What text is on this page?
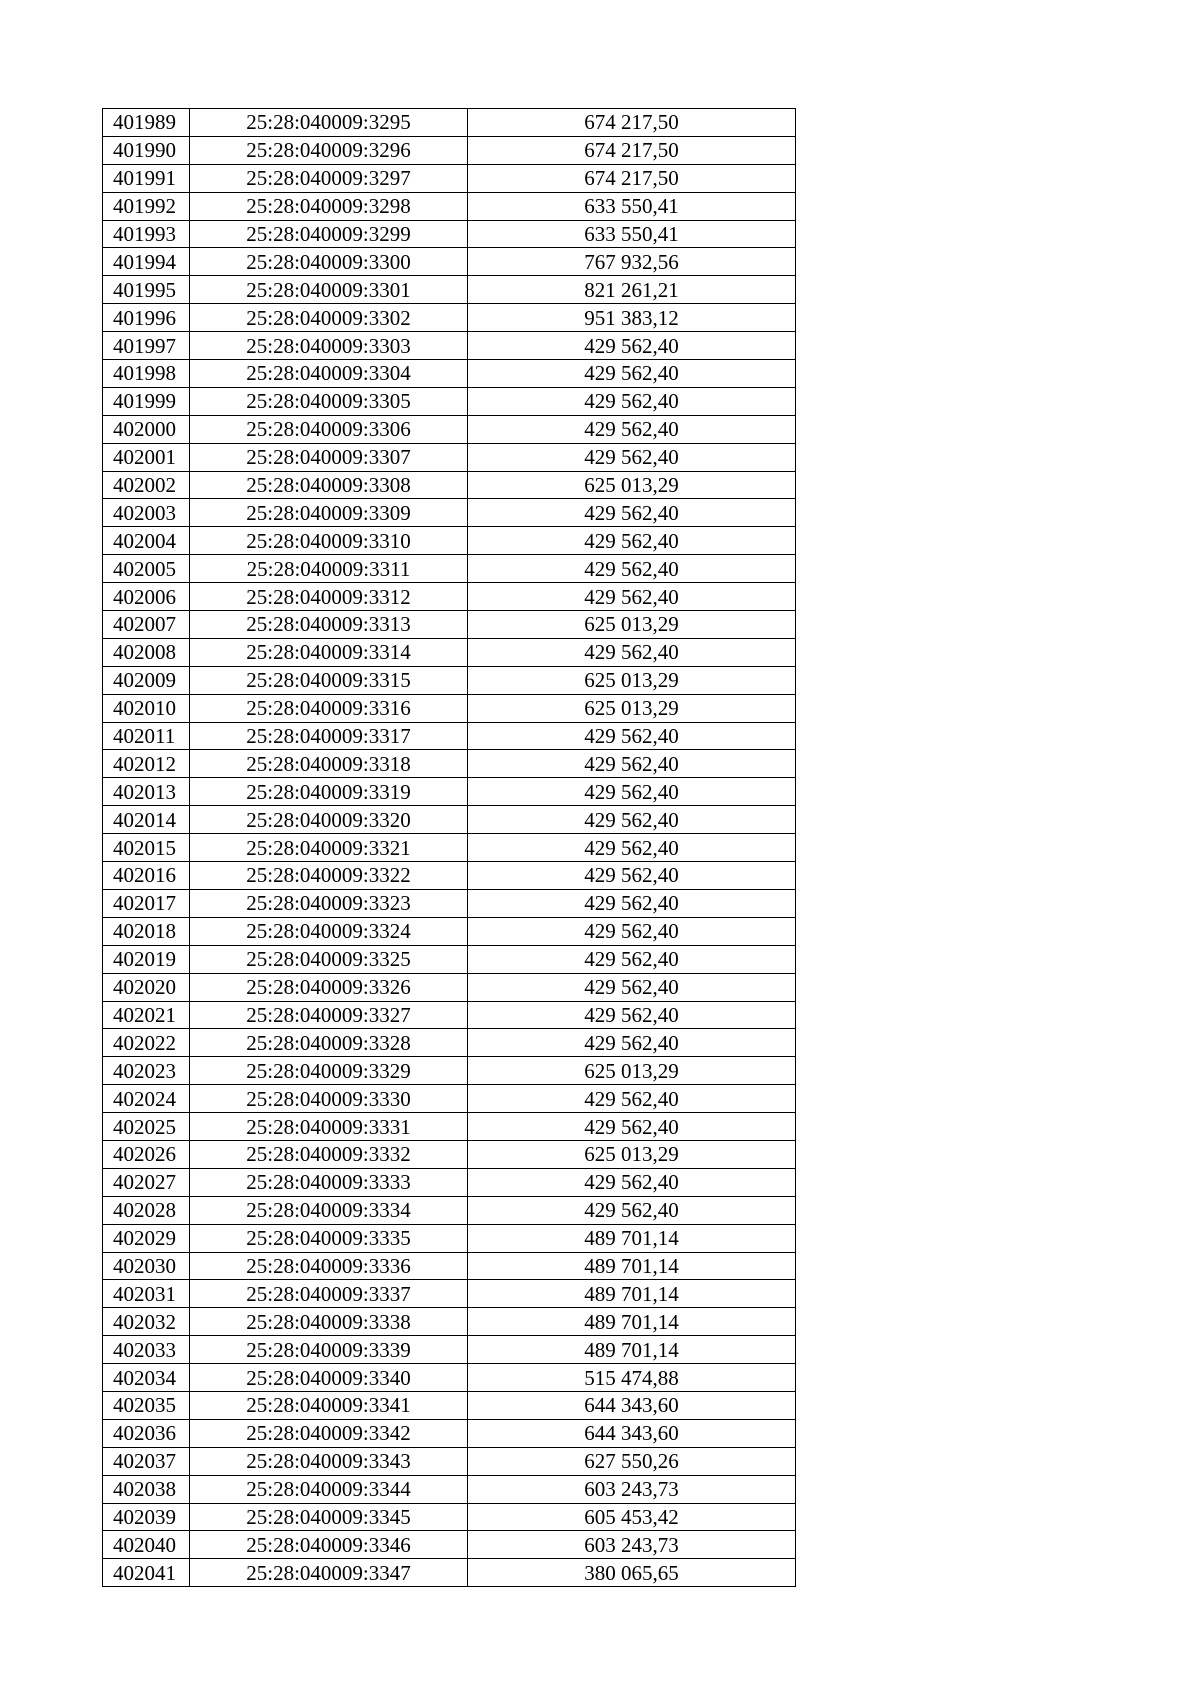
401989	25:28:040009:3295	674 217,50
401990	25:28:040009:3296	674 217,50
401991	25:28:040009:3297	674 217,50
401992	25:28:040009:3298	633 550,41
401993	25:28:040009:3299	633 550,41
401994	25:28:040009:3300	767 932,56
401995	25:28:040009:3301	821 261,21
401996	25:28:040009:3302	951 383,12
401997	25:28:040009:3303	429 562,40
401998	25:28:040009:3304	429 562,40
401999	25:28:040009:3305	429 562,40
402000	25:28:040009:3306	429 562,40
402001	25:28:040009:3307	429 562,40
402002	25:28:040009:3308	625 013,29
402003	25:28:040009:3309	429 562,40
402004	25:28:040009:3310	429 562,40
402005	25:28:040009:3311	429 562,40
402006	25:28:040009:3312	429 562,40
402007	25:28:040009:3313	625 013,29
402008	25:28:040009:3314	429 562,40
402009	25:28:040009:3315	625 013,29
402010	25:28:040009:3316	625 013,29
402011	25:28:040009:3317	429 562,40
402012	25:28:040009:3318	429 562,40
402013	25:28:040009:3319	429 562,40
402014	25:28:040009:3320	429 562,40
402015	25:28:040009:3321	429 562,40
402016	25:28:040009:3322	429 562,40
402017	25:28:040009:3323	429 562,40
402018	25:28:040009:3324	429 562,40
402019	25:28:040009:3325	429 562,40
402020	25:28:040009:3326	429 562,40
402021	25:28:040009:3327	429 562,40
402022	25:28:040009:3328	429 562,40
402023	25:28:040009:3329	625 013,29
402024	25:28:040009:3330	429 562,40
402025	25:28:040009:3331	429 562,40
402026	25:28:040009:3332	625 013,29
402027	25:28:040009:3333	429 562,40
402028	25:28:040009:3334	429 562,40
402029	25:28:040009:3335	489 701,14
402030	25:28:040009:3336	489 701,14
402031	25:28:040009:3337	489 701,14
402032	25:28:040009:3338	489 701,14
402033	25:28:040009:3339	489 701,14
402034	25:28:040009:3340	515 474,88
402035	25:28:040009:3341	644 343,60
402036	25:28:040009:3342	644 343,60
402037	25:28:040009:3343	627 550,26
402038	25:28:040009:3344	603 243,73
402039	25:28:040009:3345	605 453,42
402040	25:28:040009:3346	603 243,73
402041	25:28:040009:3347	380 065,65
